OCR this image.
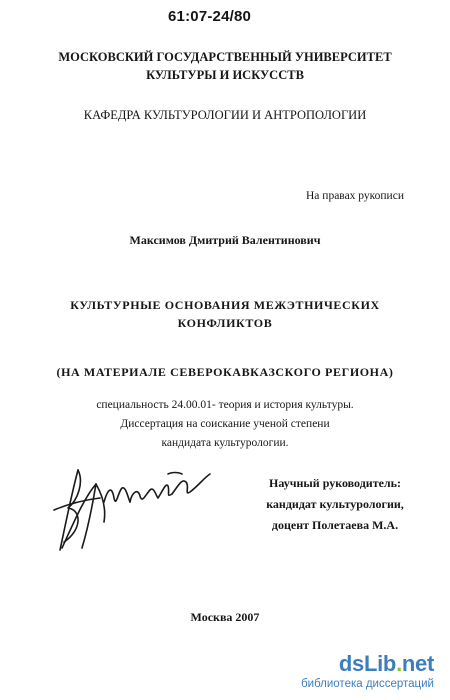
61:07-24/80
МОСКОВСКИЙ ГОСУДАРСТВЕННЫЙ УНИВЕРСИТЕТ
КУЛЬТУРЫ И ИСКУССТВ
КАФЕДРА КУЛЬТУРОЛОГИИ И АНТРОПОЛОГИИ
На правах рукописи
Максимов Дмитрий Валентинович
КУЛЬТУРНЫЕ ОСНОВАНИЯ МЕЖЭТНИЧЕСКИХ
КОНФЛИКТОВ
(НА МАТЕРИАЛЕ СЕВЕРОКАВКАЗСКОГО РЕГИОНА)
специальность 24.00.01- теория и история культуры.
Диссертация на соискание ученой степени
кандидата культурологии.
Научный руководитель:
кандидат культурологии,
доцент Полетаева М.А.
Москва 2007
dsLib.net
библиотека диссертаций
